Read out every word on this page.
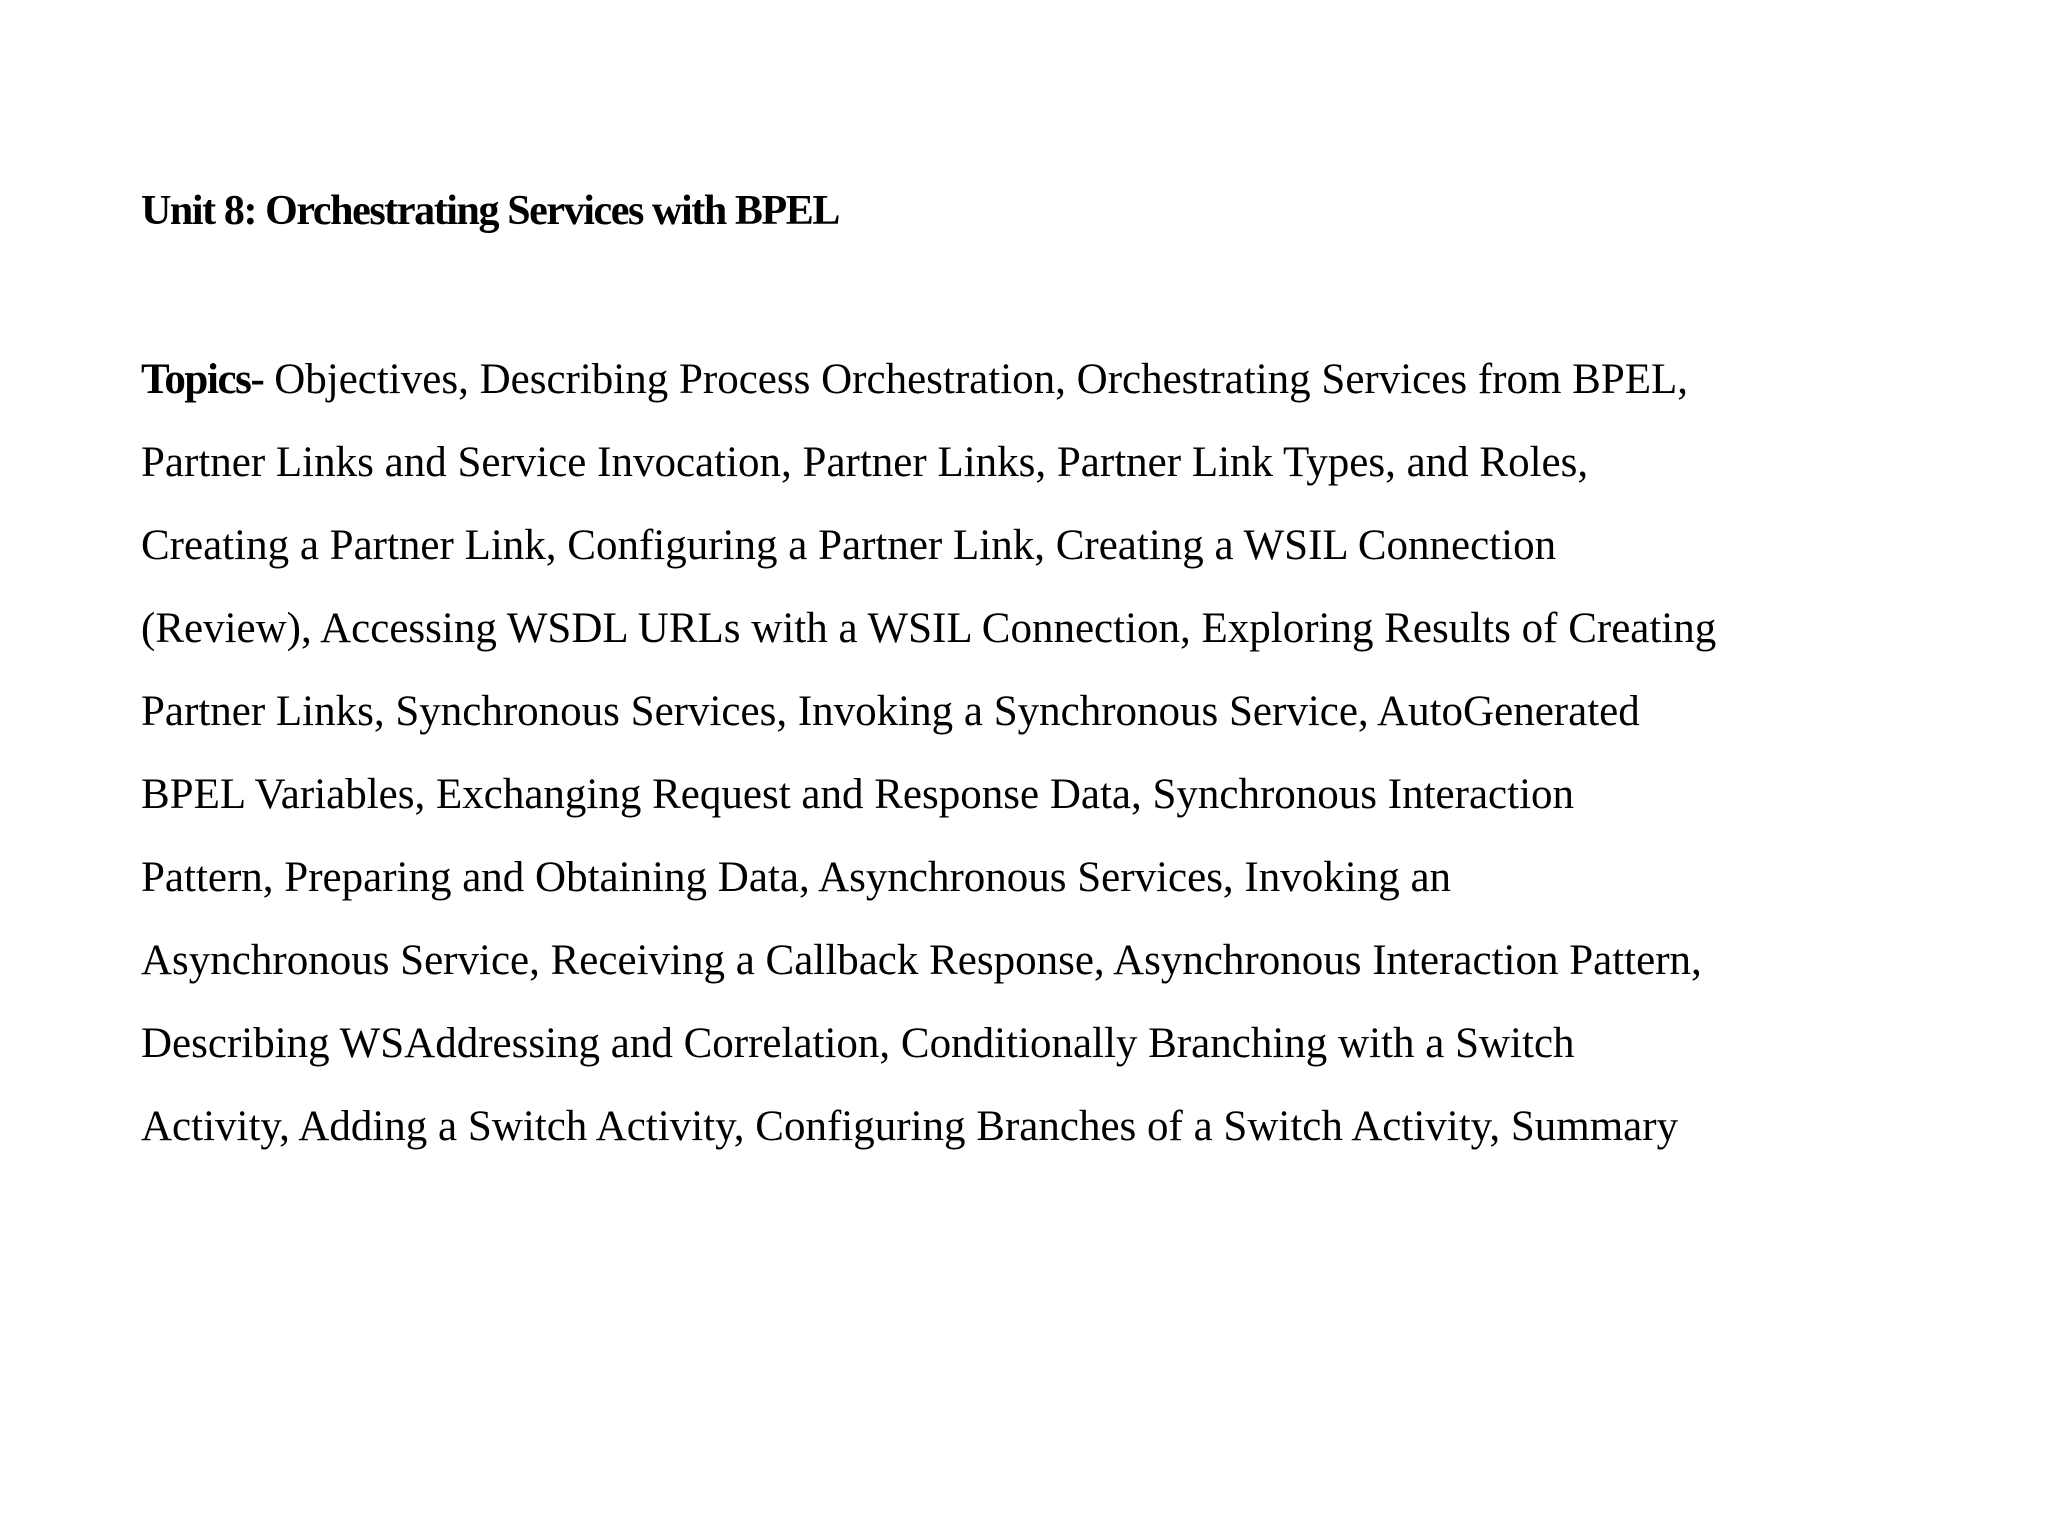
Unit 8: Orchestrating Services with BPEL
Topics- Objectives, Describing Process Orchestration, Orchestrating Services from BPEL,
Partner Links and Service Invocation, Partner Links, Partner Link Types, and Roles,
Creating a Partner Link, Configuring a Partner Link, Creating a WSIL Connection
(Review), Accessing WSDL URLs with a WSIL Connection, Exploring Results of Creating
Partner Links, Synchronous Services, Invoking a Synchronous Service, AutoGenerated
BPEL Variables, Exchanging Request and Response Data, Synchronous Interaction
Pattern, Preparing and Obtaining Data, Asynchronous Services, Invoking an
Asynchronous Service, Receiving a Callback Response, Asynchronous Interaction Pattern,
Describing WSAddressing and Correlation, Conditionally Branching with a Switch
Activity, Adding a Switch Activity, Configuring Branches of a Switch Activity, Summary
